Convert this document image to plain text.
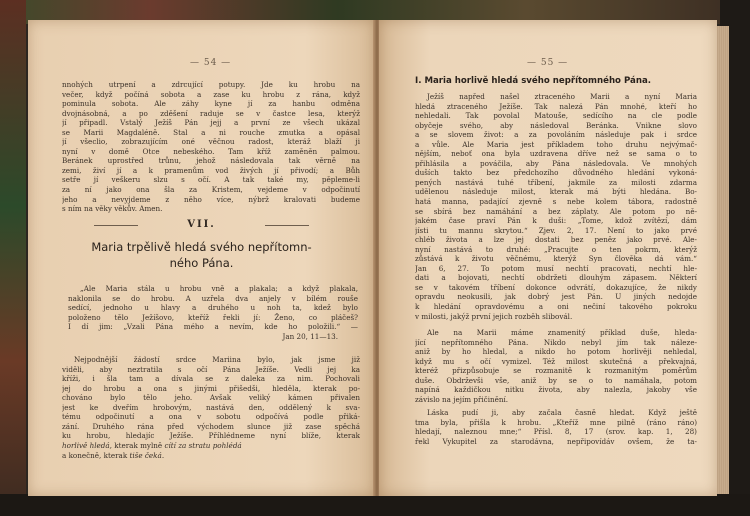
— 54 —
nnohých utrpení a zdrcující potupy. Jde ku hrobu na
večer, když počíná sobota a zase ku hrobu z rána, když
pominula sobota. Ale záhy kyne jí za hanbu odměna
dvojnásobná, a po zděšení raduje se v častce lesa, kterýž
jí připadl. Vstalý Ježíš Pán jejj a první ze všech ukázal
se Marii Magdaléně. Stal a ni rouche zmutka a opásal
jí všeclio, zobrazujícím oné věčnou radost, kteráž blaží ji
nyní v domě Otce nebeského. Tam kříž zaměněn palmou.
Beránek uprostřed trůnu, jehož následovala tak věrně na
zemi, živí jí a k pramenům vod živých jí přivodí; a Bůh
setře jí veškeru slzu s očí. A tak také my, pěpleme-li
za ní jako ona šla za Kristem, vejdeme v odpočinutí
jeho a nevyjdeme z něho více, nýbrž kralovati budeme
s ním na věky věkův. Amen.
VII.
Maria trpělivě hledá svého nepřítomn-
ného Pána.
„Ale Maria stála u hrobu vně a plakala; a když plakala,
naklonila se do hrobu. A uzřela dva anjely v bílém rouše
sedící, jednoho u hlavy a druhého u noh ta, kdež bylo
položeno tělo Ježíšovo, kteříž řekli jí: Ženo, co pláčeš?
I dí jim: „Vzali Pána mého a nevím, kde ho položili.“ —
Jan 20, 11—13.
Nejpodnější žádostí srdce Mariina bylo, jak jsme již
viděli, aby neztratila s očí Pána Ježíše. Vedli jej ka
kříži, i šla tam a dívala se z daleka za nim. Pochovali
jej do hrobu a ona s jinými přišedši, hleděla, kterak po-
chováno bylo tělo jeho. Avšak veliký kámen přivalen
jest ke dveřím hrobovým, nastává den, oddělený k sva-
tému odpočinutí a ona v sobotu odpočívá podle přiká-
zání. Druhého rána před východem slunce již zase spěchá
ku hrobu, hledajíc Ježíše. Příhlédneme nyní blíže, kterak
horlivě hledá, kterak mylně cítí za stratu pohlédá
a konečně, kterak tiše čeká.
— 55 —
I. Maria horlivě hledá svého nepřítomného Pána.
Ježíš napřed našel ztraceného Marii a nyní Maria
hledá ztraceného Ježíše. Tak nalezá Pán mnohé, kteří ho
nehledali. Tak povolal Matouše, sedícího na cle podle
obyčeje svého, aby následoval Beránka. Vnikne slovo
a se slovem život: a za povoláním následuje pak i srdce
a vůle. Ale Maria jest příkladem toho druhu nejvýmač-
nějším, neboť ona byla uzdravena dříve než se sama o to
přihlásila a pováčila, aby Pána následovala. Ve mnohých
duších takto bez předchozího důvodného hledání vykoná-
pených nastává tuhé tříbení, jakmile za milosti zdarma
udělenou následuje milost, kterak má býti hledána. Bo-
hatá manna, padající zjevně s nebe kolem tábora, radostně
se sbírá bez namáhání a bez záplaty. Ale potom po ně-
jakém čase praví Pán k duši: „Tome, kdož zvítězí, dám
jísti tu mannu skrytou.“ Zjev. 2, 17. Není to jako prvé
chléb života a lze jej dostati bez peněz jako prvé. Ale-
nyní nastává to druhé: „Pracujte o ten pokrm, kterýž
zůstává k životu věčnému, kterýž Syn člověka dá vám.“
Jan 6, 27. To potom musí nechtí pracovati, nechtí hle-
dati a bojovati, nechtí obdržeti dlouhým zápasem. Některí
se v takovém tříbení dokonce odvrátí, dokazujíce, že nikdy
opravdu neokusili, jak dobrý jest Pán. U jiných nedojde
k hledání opravdovému a oni nečiní takového pokroku
v milosti, jakýž první jejich rozběh slibovál.
Ale na Marii máme znamenitý příklad duše, hleda-
jící nepřítomného Pána. Nikdo nebyl jím tak náleze-
aniž by ho hledal, a nikdo ho potom horlivěji nehledal,
když mu s očí vymizel. Též milost skutečná a překvajná,
kteréž přizpůsobuje se rozmanitě k rozmanitým poměrům
duše. Obdrževši vše, aniž by se o to namáhala, potom
napíná každičkou nitku života, aby nalezla, jakoby vše
závislo na jejím přičinění.
Láska pudí ji, aby začala časně hledat. Když ještě
tma byla, přišla k hrobu. „Kteříž mne pilně (ráno ráno)
hledají, naleznou mne;“ Přísl. 8, 17 (srov. kap. 1, 28)
řekl Vykupitel za starodávna, nepřipovídáv ovšem, že ta-
